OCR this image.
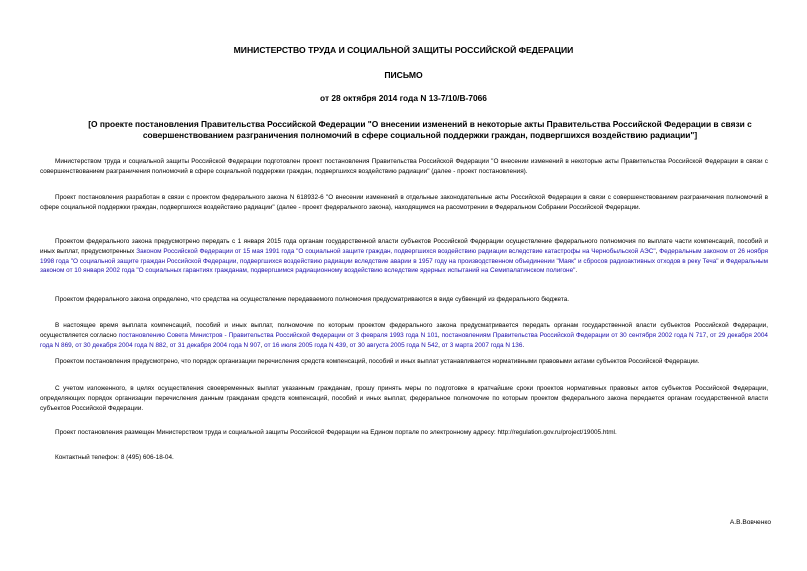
МИНИСТЕРСТВО ТРУДА И СОЦИАЛЬНОЙ ЗАЩИТЫ РОССИЙСКОЙ ФЕДЕРАЦИИ
ПИСЬМО
от 28 октября 2014 года N 13-7/10/В-7066
[О проекте постановления Правительства Российской Федерации "О внесении изменений в некоторые акты Правительства Российской Федерации в связи с совершенствованием разграничения полномочий в сфере социальной поддержки граждан, подвергшихся воздействию радиации"]

Министерством труда и социальной защиты Российской Федерации подготовлен проект постановления Правительства Российской Федерации "О внесении изменений в некоторые акты Правительства Российской Федерации в связи с совершенствованием разграничения полномочий в сфере социальной поддержки граждан, подвергшихся воздействию радиации" (далее - проект постановления).

Проект постановления разработан в связи с проектом федерального закона N 618932-6 "О внесении изменений в отдельные законодательные акты Российской Федерации в связи с совершенствованием разграничения полномочий в сфере социальной поддержки граждан, подвергшихся воздействию радиации" (далее - проект федерального закона), находящимся на рассмотрении в Федеральном Собрании Российской Федерации.

Проектом федерального закона предусмотрено передать с 1 января 2015 года органам государственной власти субъектов Российской Федерации осуществление федерального полномочия по выплате части компенсаций, пособий и иных выплат, предусмотренных Законом Российской Федерации от 15 мая 1991 года "О социальной защите граждан, подвергшихся воздействию радиации вследствие катастрофы на Чернобыльской АЭС", Федеральным законом от 26 ноября 1998 года "О социальной защите граждан Российской Федерации, подвергшихся воздействию радиации вследствие аварии в 1957 году на производственном объединении "Маяк" и сбросов радиоактивных отходов в реку Теча" и Федеральным законом от 10 января 2002 года "О социальных гарантиях гражданам, подвергшимся радиационному воздействию вследствие ядерных испытаний на Семипалатинском полигоне".

Проектом федерального закона определено, что средства на осуществление передаваемого полномочия предусматриваются в виде субвенций из федерального бюджета.

В настоящее время выплата компенсаций, пособий и иных выплат, полномочие по которым проектом федерального закона предусматривается передать органам государственной власти субъектов Российской Федерации, осуществляется согласно постановлению Совета Министров - Правительства Российской Федерации от 3 февраля 1993 года N 101, постановлениям Правительства Российской Федерации от 30 сентября 2002 года N 717, от 29 декабря 2004 года N 869, от 30 декабря 2004 года N 882, от 31 декабря 2004 года N 907, от 16 июля 2005 года N 439, от 30 августа 2005 года N 542, от 3 марта 2007 года N 136.

Проектом постановления предусмотрено, что порядок организации перечисления средств компенсаций, пособий и иных выплат устанавливается нормативными правовыми актами субъектов Российской Федерации.

С учетом изложенного, в целях осуществления своевременных выплат указанным гражданам, прошу принять меры по подготовке в кратчайшие сроки проектов нормативных правовых актов субъектов Российской Федерации, определяющих порядок организации перечисления данным гражданам средств компенсаций, пособий и иных выплат, федеральное полномочие по которым проектом федерального закона передается органам государственной власти субъектов Российской Федерации.

Проект постановления размещен Министерством труда и социальной защиты Российской Федерации на Едином портале по электронному адресу: http://regulation.gov.ru/project/19005.html.

Контактный телефон: 8 (495) 606-18-04.

А.В.Вовченко
